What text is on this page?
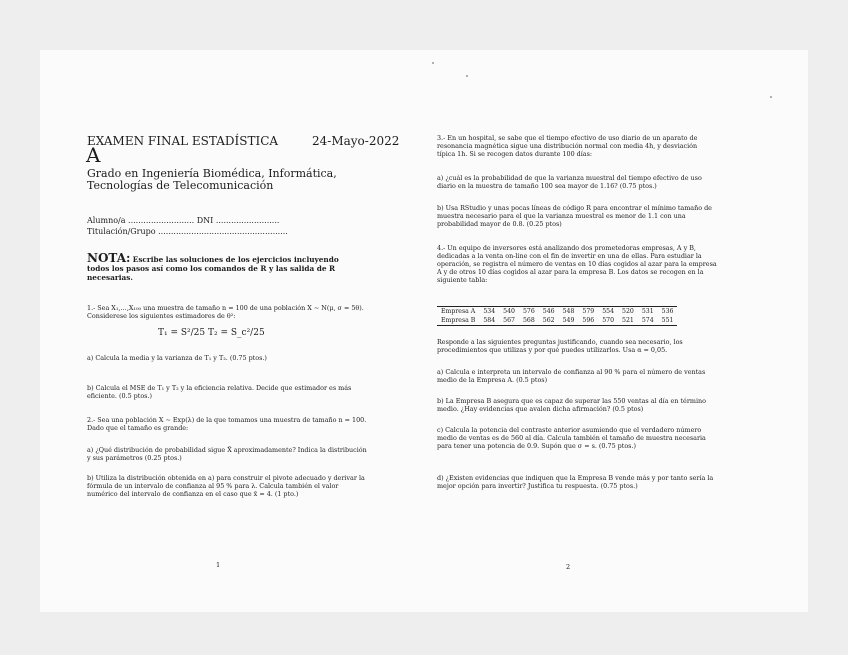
EXAMEN FINAL ESTADÍSTICA	24-Mayo-2022
A
Grado en Ingeniería Biomédica, Informática, Tecnologías de Telecomunicación
Alumno/a .......................... DNI .........................
Titulación/Grupo ...................................................
NOTA: Escribe las soluciones de los ejercicios incluyendo todos los pasos así como los comandos de R y las salida de R necesarias.
1.- Sea X₁,…,X₁₀₀ una muestra de tamaño n = 100 de una población X ∼ N(μ, σ = 5θ). Considerese los siguientes estimadores de θ²:
T₁ = S²/25 T₂ = S_c²/25
a) Calcula la media y la varianza de T₁ y T₂. (0.75 ptos.)
b) Calcula el MSE de T₁ y T₂ y la eficiencia relativa. Decide que estimador es más eficiente. (0.5 ptos.)
2.- Sea una población X ∼ Exp(λ) de la que tomamos una muestra de tamaño n = 100. Dado que el tamaño es grande:
a) ¿Qué distribución de probabilidad sigue X̄ aproximadamente? Indica la distribución y sus parámetros (0.25 ptos.)
b) Utiliza la distribución obtenida en a) para construir el pivote adecuado y derivar la fórmula de un intervalo de confianza al 95 % para λ. Calcula también el valor numérico del intervalo de confianza en el caso que x̄ = 4. (1 pto.)
1
3.- En un hospital, se sabe que el tiempo efectivo de uso diario de un aparato de resonancia magnética sigue una distribución normal con media 4h, y desviación típica 1h. Si se recogen datos durante 100 días:
a) ¿cuál es la probabilidad de que la varianza muestral del tiempo efectivo de uso diario en la muestra de tamaño 100 sea mayor de 1.16? (0.75 ptos.)
b) Usa RStudio y unas pocas líneas de código R para encontrar el mínimo tamaño de muestra necesario para el que la varianza muestral es menor de 1.1 con una probabilidad mayor de 0.8. (0.25 ptos)
4.- Un equipo de inversores está analizando dos prometedoras empresas, A y B, dedicadas a la venta on-line con el fin de invertir en una de ellas. Para estudiar la operación, se registra el número de ventas en 10 días cogidos al azar para la empresa A y de otros 10 días cogidos al azar para la empresa B. Los datos se recogen en la siguiente tabla:
Empresa A	534	540	576	546	548	579	554	520	531	536
Empresa B	584	567	568	562	549	596	570	521	574	551
Responde a las siguientes preguntas justificando, cuando sea necesario, los procedimientos que utilizas y por qué puedes utilizarlos. Usa α = 0,05.
a) Calcula e interpreta un intervalo de confianza al 90 % para el número de ventas medio de la Empresa A. (0.5 ptos)
b) La Empresa B asegura que es capaz de superar las 550 ventas al día en término medio. ¿Hay evidencias que avalen dicha afirmación? (0.5 ptos)
c) Calcula la potencia del contraste anterior asumiendo que el verdadero número medio de ventas es de 560 al día. Calcula también el tamaño de muestra necesaria para tener una potencia de 0.9. Supón que σ = s. (0.75 ptos.)
d) ¿Existen evidencias que indiquen que la Empresa B vende más y por tanto sería la mejor opción para invertir? Justifica tu respuesta. (0.75 ptos.)
2
